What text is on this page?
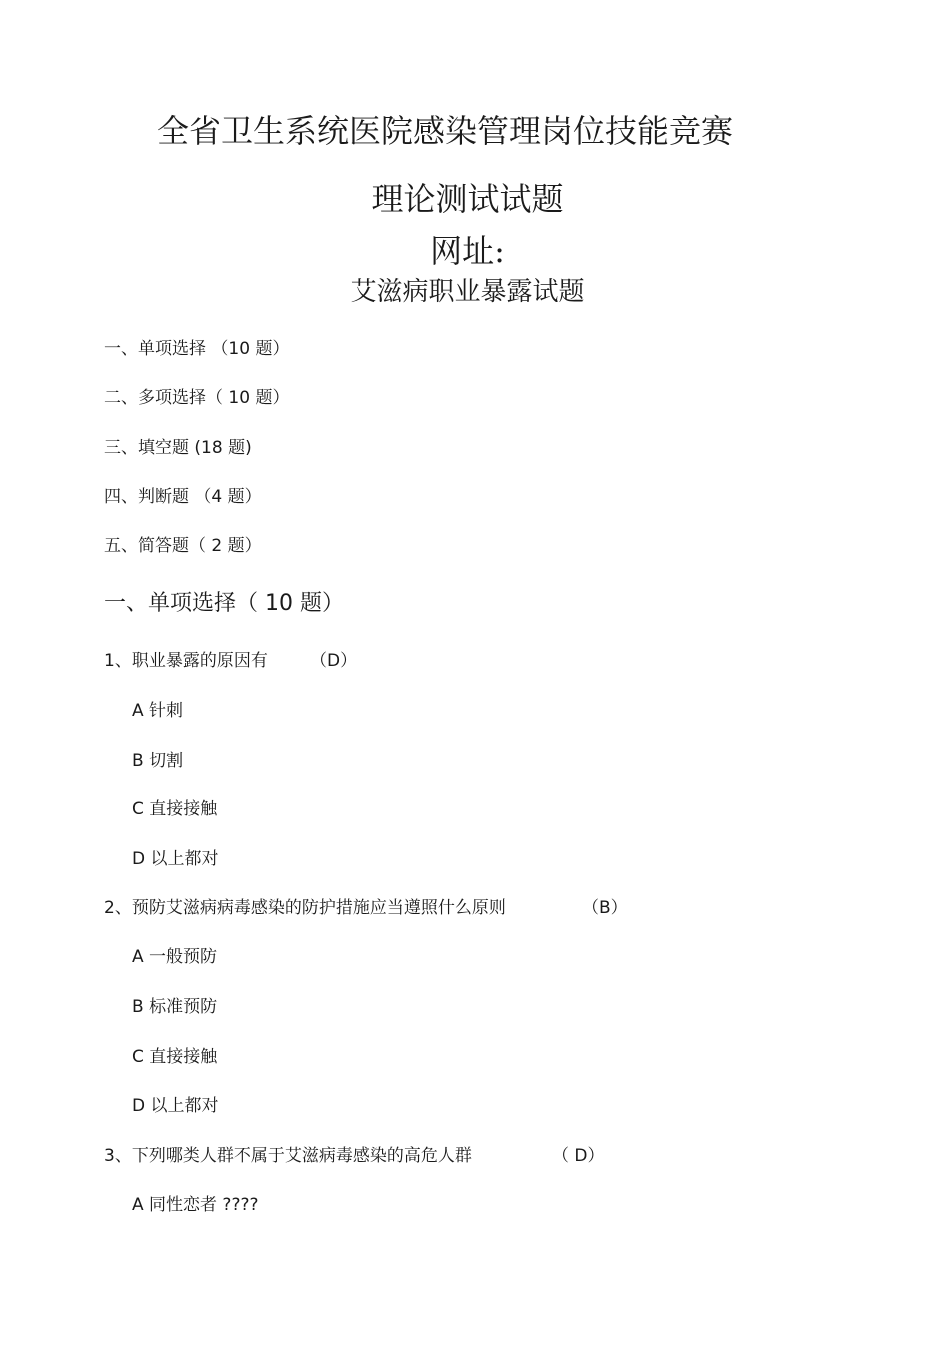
全省卫生系统医院感染管理岗位技能竞赛
理论测试试题
网址:
艾滋病职业暴露试题
一、单项选择 （10 题）
二、多项选择（ 10 题）
三、填空题 (18 题)
四、判断题 （4 题）
五、简答题（ 2 题）
一、单项选择（ 10 题）
1、职业暴露的原因有 （D）
A 针刺
B 切割
C 直接接触
D 以上都对
2、预防艾滋病病毒感染的防护措施应当遵照什么原则	（B）
A 一般预防
B 标准预防
C 直接接触
D 以上都对
3、下列哪类人群不属于艾滋病毒感染的高危人群	（ D）
A 同性恋者 ????
